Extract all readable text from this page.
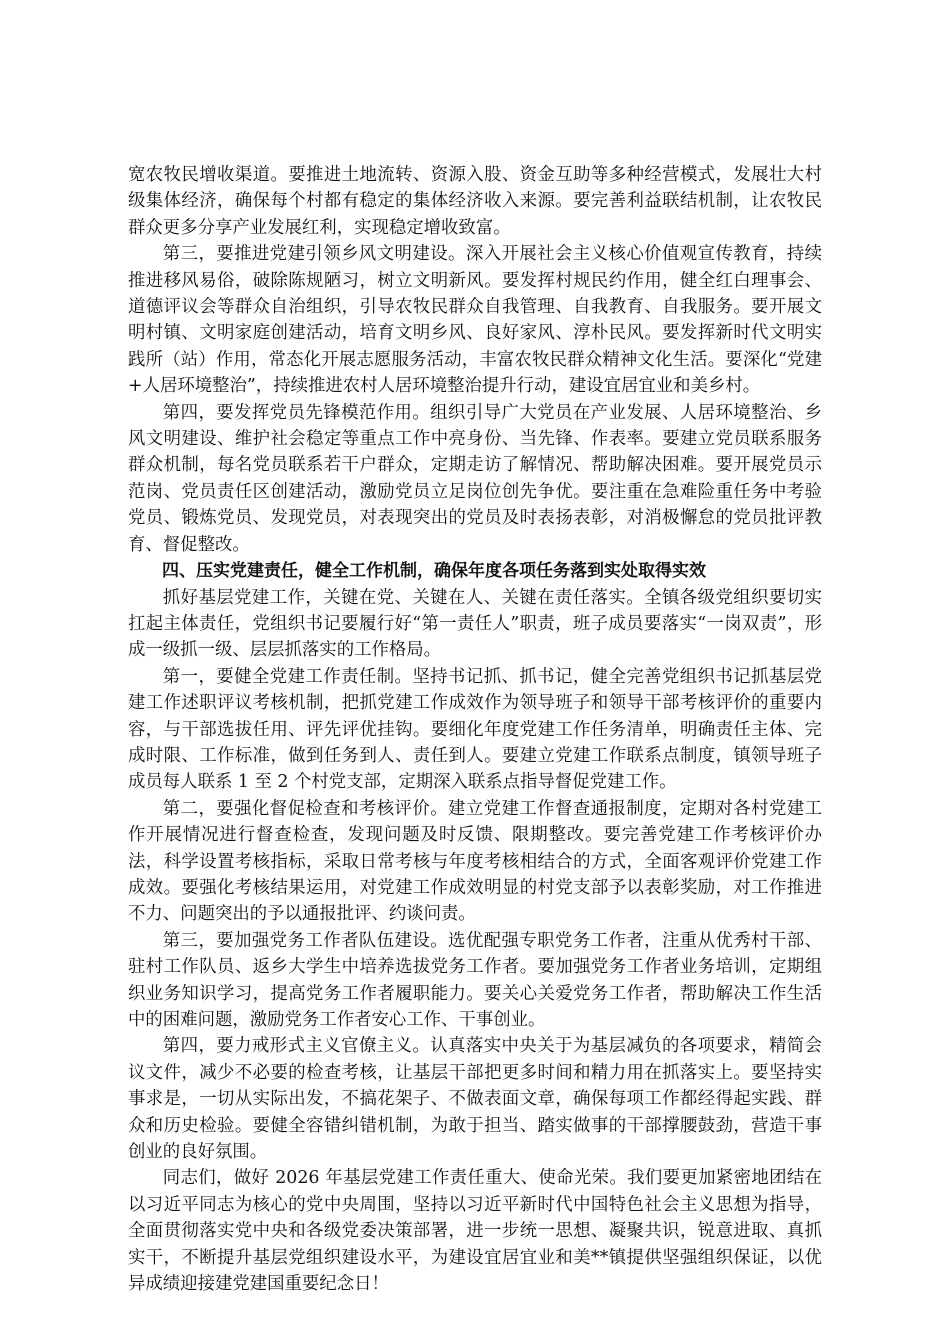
宽农牧民增收渠道。要推进土地流转、资源入股、资金互助等多种经营模式，发展壮大村级集体经济，确保每个村都有稳定的集体经济收入来源。要完善利益联结机制，让农牧民群众更多分享产业发展红利，实现稳定增收致富。

第三，要推进党建引领乡风文明建设。深入开展社会主义核心价值观宣传教育，持续推进移风易俗，破除陈规陋习，树立文明新风。要发挥村规民约作用，健全红白理事会、道德评议会等群众自治组织，引导农牧民群众自我管理、自我教育、自我服务。要开展文明村镇、文明家庭创建活动，培育文明乡风、良好家风、淳朴民风。要发挥新时代文明实践所（站）作用，常态化开展志愿服务活动，丰富农牧民群众精神文化生活。要深化“党建+人居环境整治”，持续推进农村人居环境整治提升行动，建设宜居宜业和美乡村。

第四，要发挥党员先锋模范作用。组织引导广大党员在产业发展、人居环境整治、乡风文明建设、维护社会稳定等重点工作中亮身份、当先锋、作表率。要建立党员联系服务群众机制，每名党员联系若干户群众，定期走访了解情况、帮助解决困难。要开展党员示范岗、党员责任区创建活动，激励党员立足岗位创先争优。要注重在急难险重任务中考验党员、锻炼党员、发现党员，对表现突出的党员及时表扬表彰，对消极懈怠的党员批评教育、督促整改。

四、压实党建责任，健全工作机制，确保年度各项任务落到实处取得实效

抓好基层党建工作，关键在党、关键在人、关键在责任落实。全镇各级党组织要切实扛起主体责任，党组织书记要履行好“第一责任人”职责，班子成员要落实“一岗双责”，形成一级抓一级、层层抓落实的工作格局。

第一，要健全党建工作责任制。坚持书记抓、抓书记，健全完善党组织书记抓基层党建工作述职评议考核机制，把抓党建工作成效作为领导班子和领导干部考核评价的重要内容，与干部选拔任用、评先评优挂钩。要细化年度党建工作任务清单，明确责任主体、完成时限、工作标准，做到任务到人、责任到人。要建立党建工作联系点制度，镇领导班子成员每人联系 1 至 2 个村党支部，定期深入联系点指导督促党建工作。

第二，要强化督促检查和考核评价。建立党建工作督查通报制度，定期对各村党建工作开展情况进行督查检查，发现问题及时反馈、限期整改。要完善党建工作考核评价办法，科学设置考核指标，采取日常考核与年度考核相结合的方式，全面客观评价党建工作成效。要强化考核结果运用，对党建工作成效明显的村党支部予以表彰奖励，对工作推进不力、问题突出的予以通报批评、约谈问责。

第三，要加强党务工作者队伍建设。选优配强专职党务工作者，注重从优秀村干部、驻村工作队员、返乡大学生中培养选拔党务工作者。要加强党务工作者业务培训，定期组织业务知识学习，提高党务工作者履职能力。要关心关爱党务工作者，帮助解决工作生活中的困难问题，激励党务工作者安心工作、干事创业。

第四，要力戒形式主义官僚主义。认真落实中央关于为基层减负的各项要求，精简会议文件，减少不必要的检查考核，让基层干部把更多时间和精力用在抓落实上。要坚持实事求是，一切从实际出发，不搞花架子、不做表面文章，确保每项工作都经得起实践、群众和历史检验。要健全容错纠错机制，为敢于担当、踏实做事的干部撑腰鼓劲，营造干事创业的良好氛围。

同志们，做好 2026 年基层党建工作责任重大、使命光荣。我们要更加紧密地团结在以习近平同志为核心的党中央周围，坚持以习近平新时代中国特色社会主义思想为指导，全面贯彻落实党中央和各级党委决策部署，进一步统一思想、凝聚共识，锐意进取、真抓实干，不断提升基层党组织建设水平，为建设宜居宜业和美**镇提供坚强组织保证，以优异成绩迎接建党建国重要纪念日！
